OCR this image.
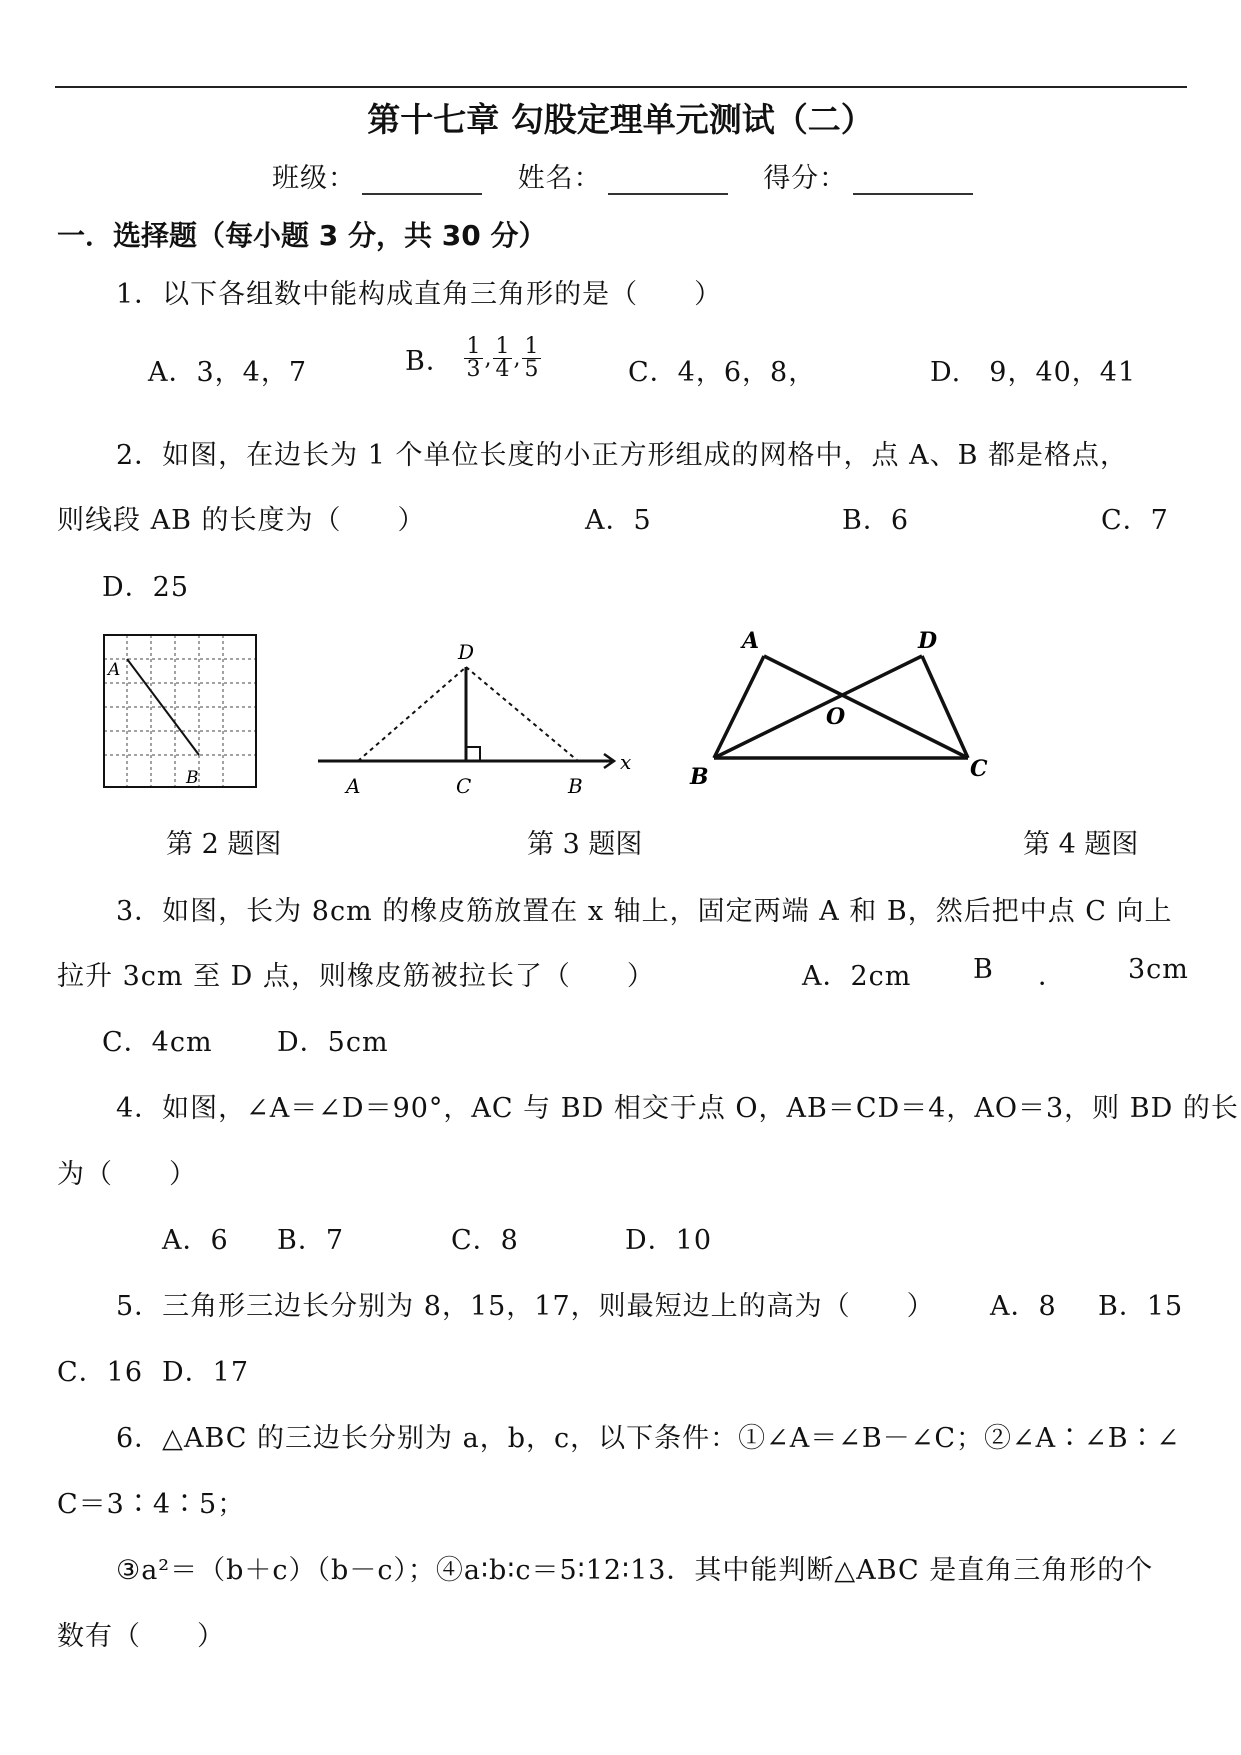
第十七章 勾股定理单元测试（二）
班级：	姓名：	得分：
一．选择题（每小题 3 分，共 30 分）
1．以下各组数中能构成直角三角形的是（　　）
A．3，4，7	B． $\frac{1}{3}$ , $\frac{1}{4}$ , $\frac{1}{5}$	C．4，6，8，	D.　9，40，41
2．如图，在边长为 1 个单位长度的小正方形组成的网格中，点 A、B 都是格点，
则线段 AB 的长度为（　　）	A．5	B．6	C．7
D．25
A
B
D
A	C	B
x
A	D
O
B	C
第 2 题图	第 3 题图	第 4 题图
3．如图，长为 8cm 的橡皮筋放置在 x 轴上，固定两端 A 和 B，然后把中点 C 向上
拉升 3cm 至 D 点，则橡皮筋被拉长了（　　）	A．2cm B ． 3cm
C．4cm D．5cm
4．如图，∠A＝∠D＝90°，AC 与 BD 相交于点 O，AB＝CD＝4，AO＝3，则 BD 的长
为（　　）
A．6 B．7	C．8	D．10
5．三角形三边长分别为 8，15，17，则最短边上的高为（　　） A．8 B．15
C．16 D．17
6．△ABC 的三边长分别为 a，b，c，以下条件：①∠A＝∠B－∠C；②∠A∶∠B∶∠
C＝3∶4∶5；
③a²＝（b＋c）（b－c）；④a∶b∶c＝5∶12∶13．其中能判断△ABC 是直角三角形的个
数有（　　）
